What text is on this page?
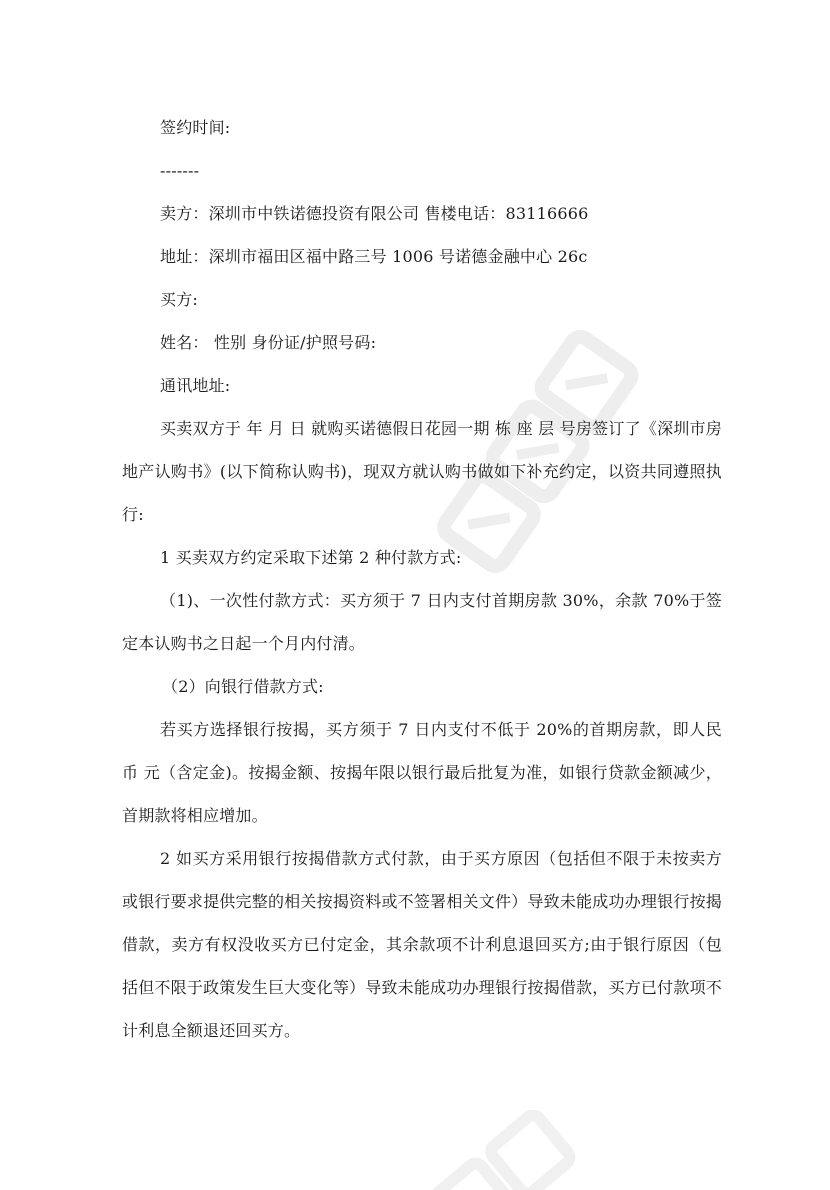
签约时间:
-------
卖方：深圳市中铁诺德投资有限公司 售楼电话：83116666
地址：深圳市福田区福中路三号 1006 号诺德金融中心 26c
买方:
姓名： 性别 身份证/护照号码:
通讯地址:
买卖双方于 年 月 日 就购买诺德假日花园一期 栋 座 层 号房签订了《深圳市房地产认购书》(以下简称认购书)，现双方就认购书做如下补充约定，以资共同遵照执行:
1 买卖双方约定采取下述第 2 种付款方式:
（1)、一次性付款方式：买方须于 7 日内支付首期房款 30%，余款 70%于签定本认购书之日起一个月内付清。
（2）向银行借款方式:
若买方选择银行按揭，买方须于 7 日内支付不低于 20%的首期房款，即人民币 元（含定金)。按揭金额、按揭年限以银行最后批复为准，如银行贷款金额减少，首期款将相应增加。
2 如买方采用银行按揭借款方式付款，由于买方原因（包括但不限于未按卖方或银行要求提供完整的相关按揭资料或不签署相关文件）导致未能成功办理银行按揭借款，卖方有权没收买方已付定金，其余款项不计利息退回买方;由于银行原因（包括但不限于政策发生巨大变化等）导致未能成功办理银行按揭借款，买方已付款项不计利息全额退还回买方。
